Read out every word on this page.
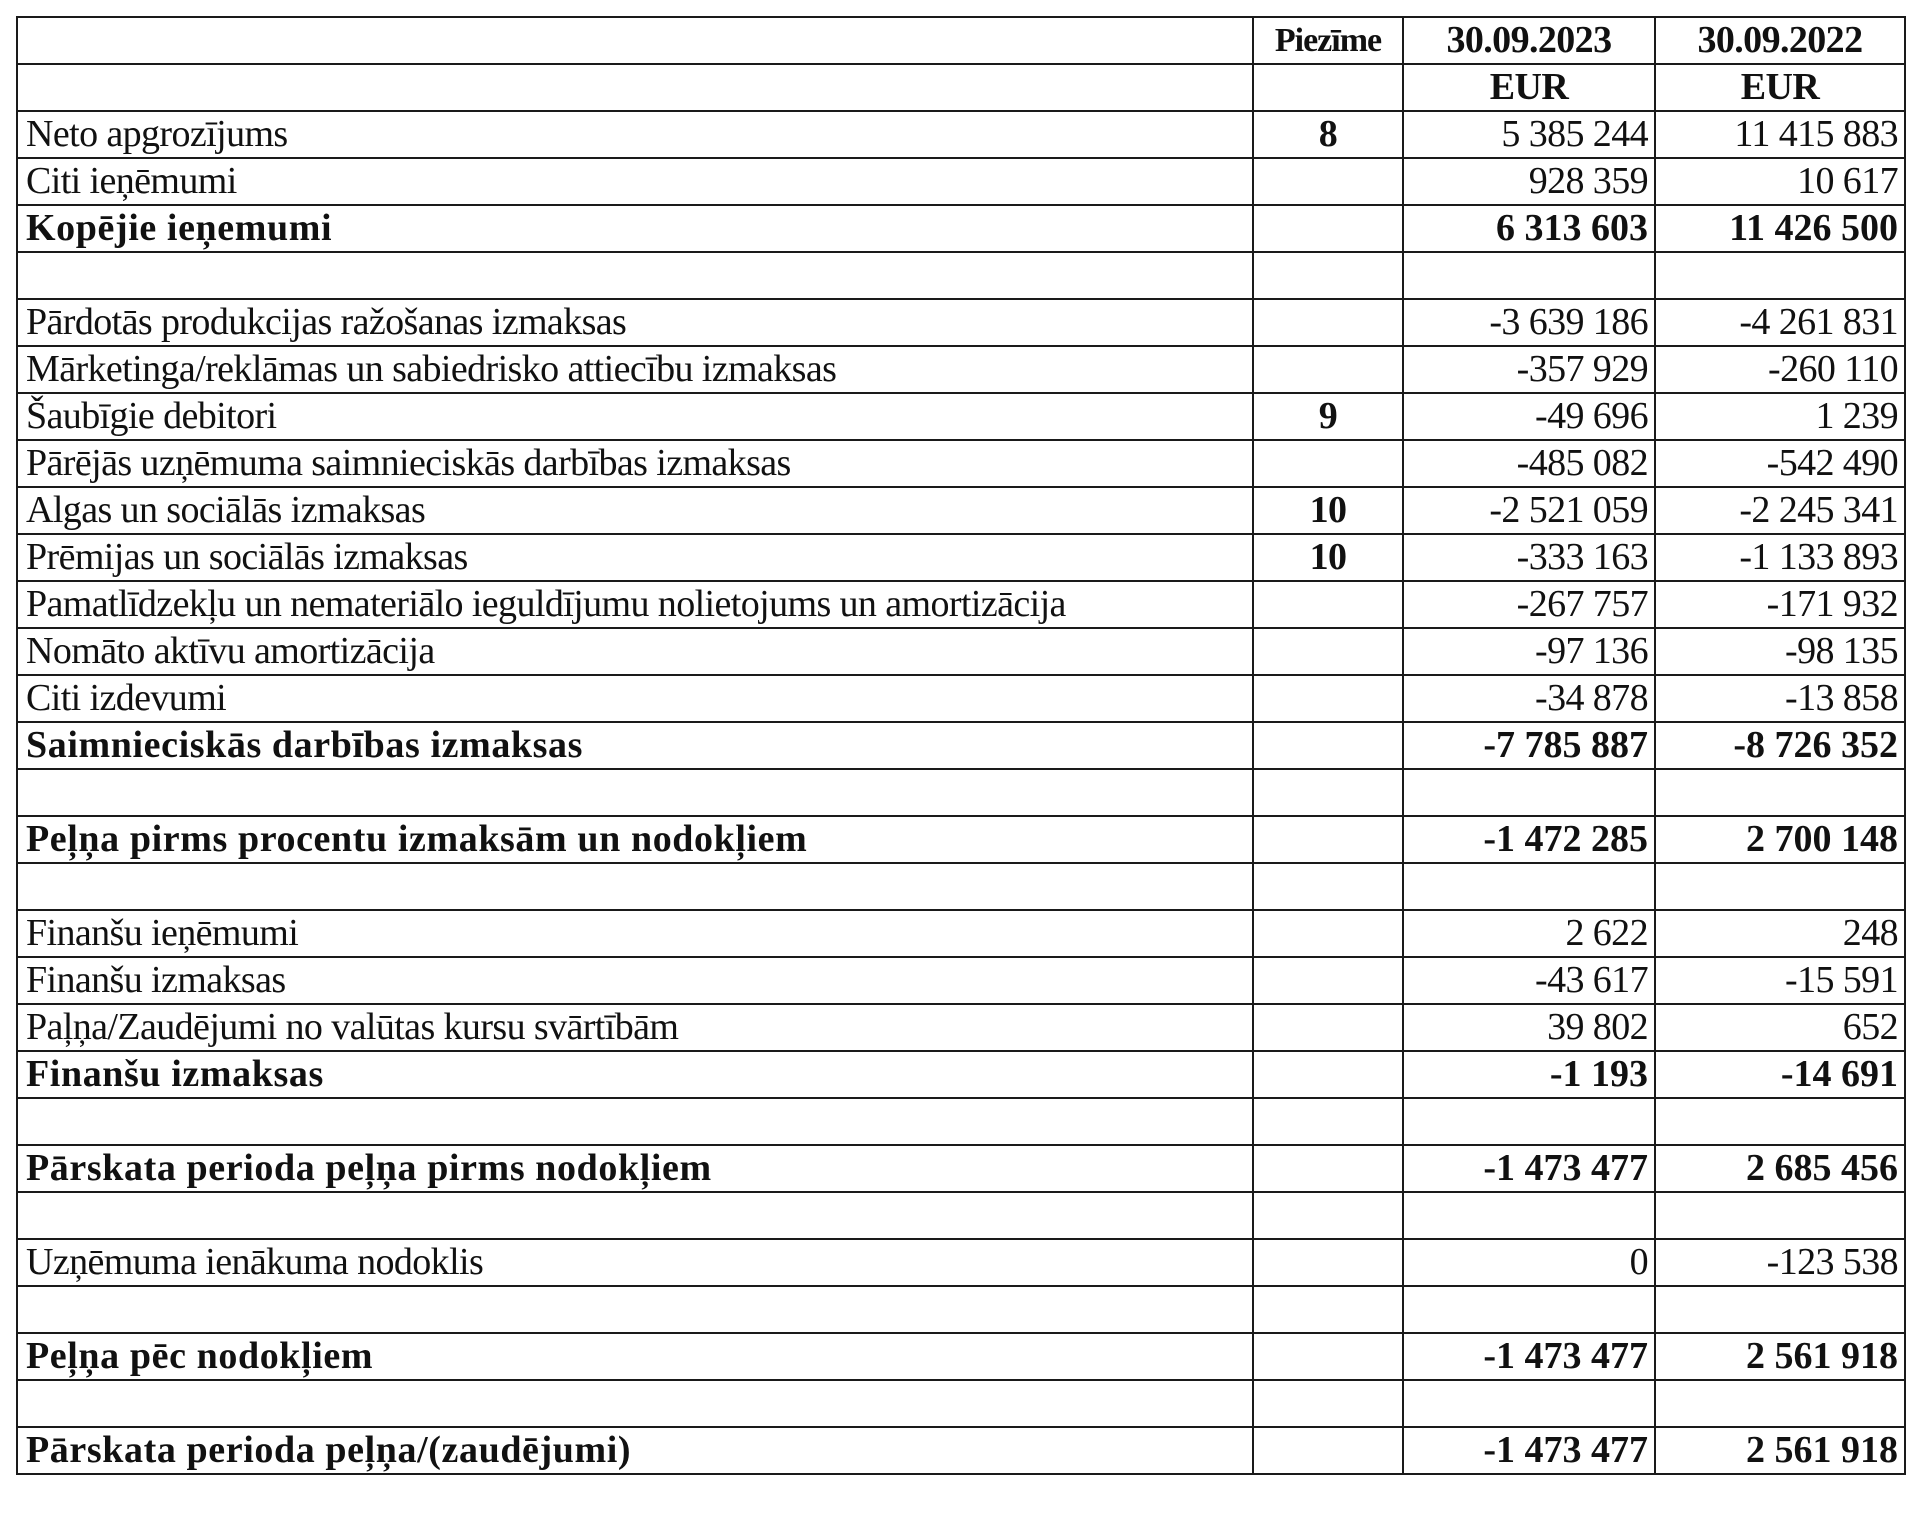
	Piezīme	30.09.2023	30.09.2022
		EUR	EUR
Neto apgrozījums	8	5 385 244	11 415 883
Citi ieņēmumi		928 359	10 617
Kopējie ieņemumi		6 313 603	11 426 500

Pārdotās produkcijas ražošanas izmaksas		-3 639 186	-4 261 831
Mārketinga/reklāmas un sabiedrisko attiecību izmaksas		-357 929	-260 110
Šaubīgie debitori	9	-49 696	1 239
Pārējās uzņēmuma saimnieciskās darbības izmaksas		-485 082	-542 490
Algas un sociālās izmaksas	10	-2 521 059	-2 245 341
Prēmijas un sociālās izmaksas	10	-333 163	-1 133 893
Pamatlīdzekļu un nemateriālo ieguldījumu nolietojums un amortizācija		-267 757	-171 932
Nomāto aktīvu amortizācija		-97 136	-98 135
Citi izdevumi		-34 878	-13 858
Saimnieciskās darbības izmaksas		-7 785 887	-8 726 352

Peļņa pirms procentu izmaksām un nodokļiem		-1 472 285	2 700 148

Finanšu ieņēmumi		2 622	248
Finanšu izmaksas		-43 617	-15 591
Paļņa/Zaudējumi no valūtas kursu svārtībām		39 802	652
Finanšu izmaksas		-1 193	-14 691

Pārskata perioda peļņa pirms nodokļiem		-1 473 477	2 685 456

Uzņēmuma ienākuma nodoklis		0	-123 538

Peļņa pēc nodokļiem		-1 473 477	2 561 918

Pārskata perioda peļņa/(zaudējumi)		-1 473 477	2 561 918
